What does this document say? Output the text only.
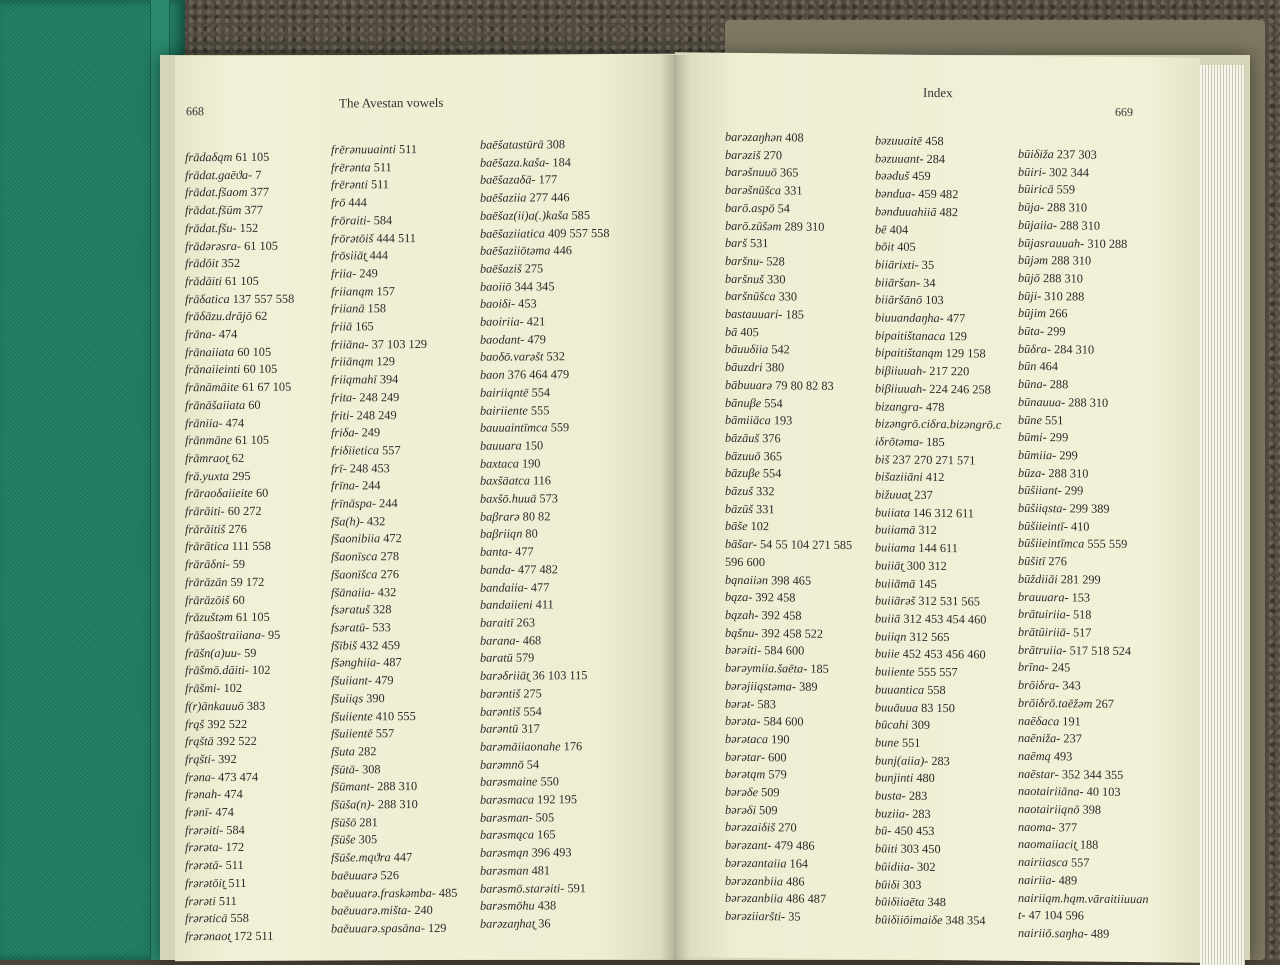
668
The Avestan vowels
frādaδąm 61 105
frādat.gaēϑa- 7
frādat.fšaom 377
frādat.fšūm 377
frādat.fšu- 152
frādərəsra- 61 105
frādōit 352
frādāiti 61 105
frāδatica 137 557 558
frāδāzu.drājō 62
frāna- 474
frānaiiata 60 105
frānaiieinti 60 105
frānāmāite 61 67 105
frānāšaiiata 60
frāniia- 474
frānmāne 61 105
frāmraot̰ 62
frā.yuxta 295
frāraoδaiieite 60
frārāiti- 60 272
frārāitiš 276
frārātica 111 558
frārāδni- 59
frārāzān 59 172
frārāzōiš 60
frāzuštəm 61 105
frāšaoštraiiana- 95
frāšn(a)uu- 59
frāšmō.dāiti- 102
frāšmi- 102
f(r)ānkauuō 383
frąš 392 522
frąštā 392 522
frąšti- 392
frəna- 473 474
frənah- 474
frənī- 474
frərəiti- 584
frərəta- 172
frərətā- 511
frərətōit̰ 511
frərəti 511
frərəticā 558
frərənaot̰ 172 511
frērənuuainti 511
frērənta 511
frērənti 511
frō 444
frōraiti- 584
frōrətōiš 444 511
frōsiiāt̰ 444
friia- 249
friianąm 157
friianā 158
friiā 165
friiāna- 37 103 129
friiānąm 129
friiąmahī 394
frita- 248 249
friti- 248 249
friδa- 249
friδiietica 557
frī- 248 453
frīna- 244
frīnāspa- 244
fša(h)- 432
fšaonibiia 472
fšaonīsca 278
fšaonīšca 276
fšānaiia- 432
fsəratuš 328
fsəratū- 533
fšībiš 432 459
fšənghiia- 487
fšuiiant- 479
fšuiiąs 390
fšuiiente 410 555
fšuiientē 557
fšuta 282
fšūtā- 308
fšūmant- 288 310
fšūša(n)- 288 310
fšūšō 281
fšūše 305
fšūše.mąϑra 447
baēuuarə 526
baēuuarə.fraskəmba- 485
baēuuarə.mišta- 240
baēuuarə.spasāna- 129
baēšatastūrā 308
baēšaza.kaša- 184
baēšazaδā- 177
baēšaziia 277 446
baēšaz(ii)a(.)kaša 585
baēšaziiatica 409 557 558
baēšaziiōtəma 446
baēšaziš 275
baoiiō 344 345
baoiδi- 453
baoiriia- 421
baodant- 479
baoδō.varəšt 532
baon 376 464 479
bairiiąntē 554
bairiiente 555
bauuaintīmca 559
bauuara 150
baxtaca 190
baxšāatca 116
baxšō.huuā 573
baβrarə 80 82
baβriiąn 80
banta- 477
banda- 477 482
bandaiia- 477
bandaiieni 411
baraitī 263
barana- 468
baratū 579
barəδriiāt̰ 36 103 115
barəntiš 275
barəntiš 554
barəntū 317
barəmāiiaonahe 176
barəmnō 54
barəsmaine 550
barəsmaca 192 195
barəsman- 505
barəsmąca 165
barəsmąn 396 493
barəsman 481
barəsmō.starəiti- 591
barəsmōhu 438
barəzaŋhat̰ 36
Index
669
barəzaŋhən 408
barəziš 270
barəšnuuō 365
barəšnūšca 331
barō.aspō 54
barō.zūšəm 289 310
barš 531
baršnu- 528
baršnuš 330
baršnūšca 330
bastauuari- 185
bā 405
bāuuδiia 542
bāuzdri 380
bābuuarə 79 80 82 83
bānuβe 554
bāmiiāca 193
bāzāuš 376
bāzuuō 365
bāzuβe 554
bāzuš 332
bāzūš 331
bāše 102
bāšar- 54 55 104 271 585
596 600
bąnaiiən 398 465
bąza- 392 458
bązah- 392 458
bąšnu- 392 458 522
bərəiti- 584 600
bərəymiia.šaēta- 185
bərəjiiąstəma- 389
bərət- 583
bərəta- 584 600
bərətaca 190
bərətar- 600
bərətąm 579
bərəδe 509
bərəδi 509
bərəzaiδiš 270
bərəzant- 479 486
bərəzantaiia 164
bərəzanbiia 486
bərəzanbiia 486 487
bərəziiaršti- 35
bəzuuaitē 458
bəzuuant- 284
bəəduš 459
bəndua- 459 482
bənduuahiiā 482
bē 404
bōit 405
biiārixti- 35
biiāršan- 34
biiāršānō 103
biuuandaŋha- 477
bipaitištanaca 129
bipaitištanąm 129 158
biβiiuuah- 217 220
biβiiuuah- 224 246 258
bizangra- 478
bizəngrō.ciδra.bizəngrō.c
iδrōtəma- 185
biš 237 270 271 571
bišaziiāni 412
bižuuat̰ 237
buiiata 146 312 611
buiiamā 312
buiiama 144 611
buiiāt̰ 300 312
buiiāmā 145
buiiārəš 312 531 565
buiiā 312 453 454 460
buiiąn 312 565
buiie 452 453 456 460
buiiente 555 557
buuantica 558
buuāuua 83 150
būcahi 309
bune 551
bunj(aiia)- 283
bunjinti 480
busta- 283
buziia- 283
bū- 450 453
būiti 303 450
būidiia- 302
būiδi 303
būiδiiaēta 348
būiδiiōimaiδe 348 354
būiδiža 237 303
būiri- 302 344
būiricā 559
būja- 288 310
būjaiia- 288 310
būjasrauuah- 310 288
būjəm 288 310
būjō 288 310
būji- 310 288
būjim 266
būta- 299
būδra- 284 310
būn 464
būna- 288
būnauua- 288 310
būne 551
būmi- 299
būmiia- 299
būza- 288 310
būšiiant- 299
būšiiąsta- 299 389
būšiieintī- 410
būšiieintīmca 555 559
būšitī 276
būždiiāi 281 299
brauuara- 153
brātuiriia- 518
brātūiriiā- 517
brātruiia- 517 518 524
brīna- 245
brōiδra- 343
brōiδrō.taēžəm 267
naēδaca 191
naēniža- 237
naēmą 493
naēstar- 352 344 355
naotairiiāna- 40 103
naotairiiąnō 398
naoma- 377
naomaiiacit̰ 188
nairiiasca 557
nairiia- 489
nairiiąm.hąm.vāraitiiuuan
t- 47 104 596
nairiiō.saŋha- 489
